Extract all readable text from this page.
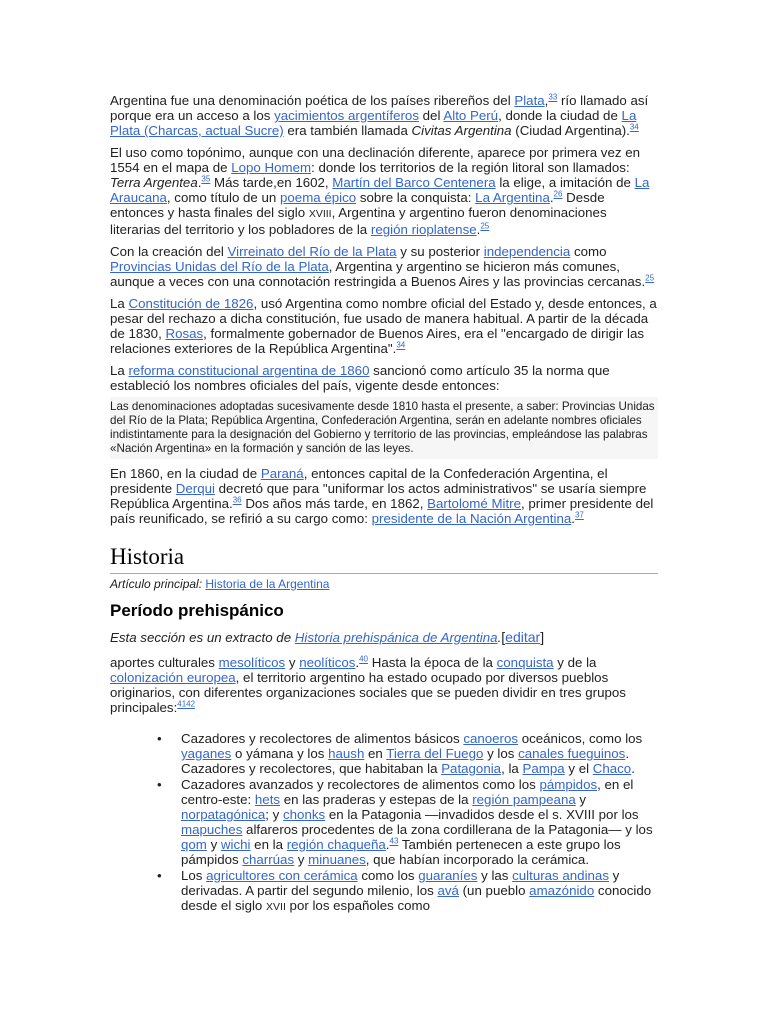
Argentina fue una denominación poética de los países ribereños del Plata,$^{33}$ río llamado así porque era un acceso a los yacimientos argentíferos del Alto Perú, donde la ciudad de La Plata (Charcas, actual Sucre) era también llamada Civitas Argentina (Ciudad Argentina).$^{34}$

El uso como topónimo, aunque con una declinación diferente, aparece por primera vez en 1554 en el mapa de Lopo Homem: donde los territorios de la región litoral son llamados: Terra Argentea.$^{35}$ Más tarde,en 1602, Martín del Barco Centenera la elige, a imitación de La Araucana, como título de un poema épico sobre la conquista: La Argentina.$^{26}$ Desde entonces y hasta finales del siglo XVIII, Argentina y argentino fueron denominaciones literarias del territorio y los pobladores de la región rioplatense.$^{25}$

Con la creación del Virreinato del Río de la Plata y su posterior independencia como Provincias Unidas del Río de la Plata, Argentina y argentino se hicieron más comunes, aunque a veces con una connotación restringida a Buenos Aires y las provincias cercanas.$^{25}$

La Constitución de 1826, usó Argentina como nombre oficial del Estado y, desde entonces, a pesar del rechazo a dicha constitución, fue usado de manera habitual. A partir de la década de 1830, Rosas, formalmente gobernador de Buenos Aires, era el "encargado de dirigir las relaciones exteriores de la República Argentina".$^{34}$

La reforma constitucional argentina de 1860 sancionó como artículo 35 la norma que estableció los nombres oficiales del país, vigente desde entonces:

Las denominaciones adoptadas sucesivamente desde 1810 hasta el presente, a saber: Provincias Unidas del Río de la Plata; República Argentina, Confederación Argentina, serán en adelante nombres oficiales indistintamente para la designación del Gobierno y territorio de las provincias, empleándose las palabras «Nación Argentina» en la formación y sanción de las leyes.

En 1860, en la ciudad de Paraná, entonces capital de la Confederación Argentina, el presidente Derqui decretó que para "uniformar los actos administrativos" se usaría siempre República Argentina.$^{36}$ Dos años más tarde, en 1862, Bartolomé Mitre, primer presidente del país reunificado, se refirió a su cargo como: presidente de la Nación Argentina.$^{37}$

Historia
Artículo principal: Historia de la Argentina
Período prehispánico
Esta sección es un extracto de Historia prehispánica de Argentina.[editar]

aportes culturales mesolíticos y neolíticos.$^{40}$ Hasta la época de la conquista y de la colonización europea, el territorio argentino ha estado ocupado por diversos pueblos originarios, con diferentes organizaciones sociales que se pueden dividir en tres grupos principales:$^{4142}$

• Cazadores y recolectores de alimentos básicos canoeros oceánicos, como los yaganes o yámana y los haush en Tierra del Fuego y los canales fueguinos. Cazadores y recolectores, que habitaban la Patagonia, la Pampa y el Chaco.
• Cazadores avanzados y recolectores de alimentos como los pámpidos, en el centro-este: hets en las praderas y estepas de la región pampeana y norpatagónica; y chonks en la Patagonia —invadidos desde el s. XVIII por los mapuches alfareros procedentes de la zona cordillerana de la Patagonia— y los qom y wichi en la región chaqueña.$^{43}$ También pertenecen a este grupo los pámpidos charrúas y minuanes, que habían incorporado la cerámica.
• Los agricultores con cerámica como los guaraníes y las culturas andinas y derivadas. A partir del segundo milenio, los avá (un pueblo amazónido conocido desde el siglo XVII por los españoles como
